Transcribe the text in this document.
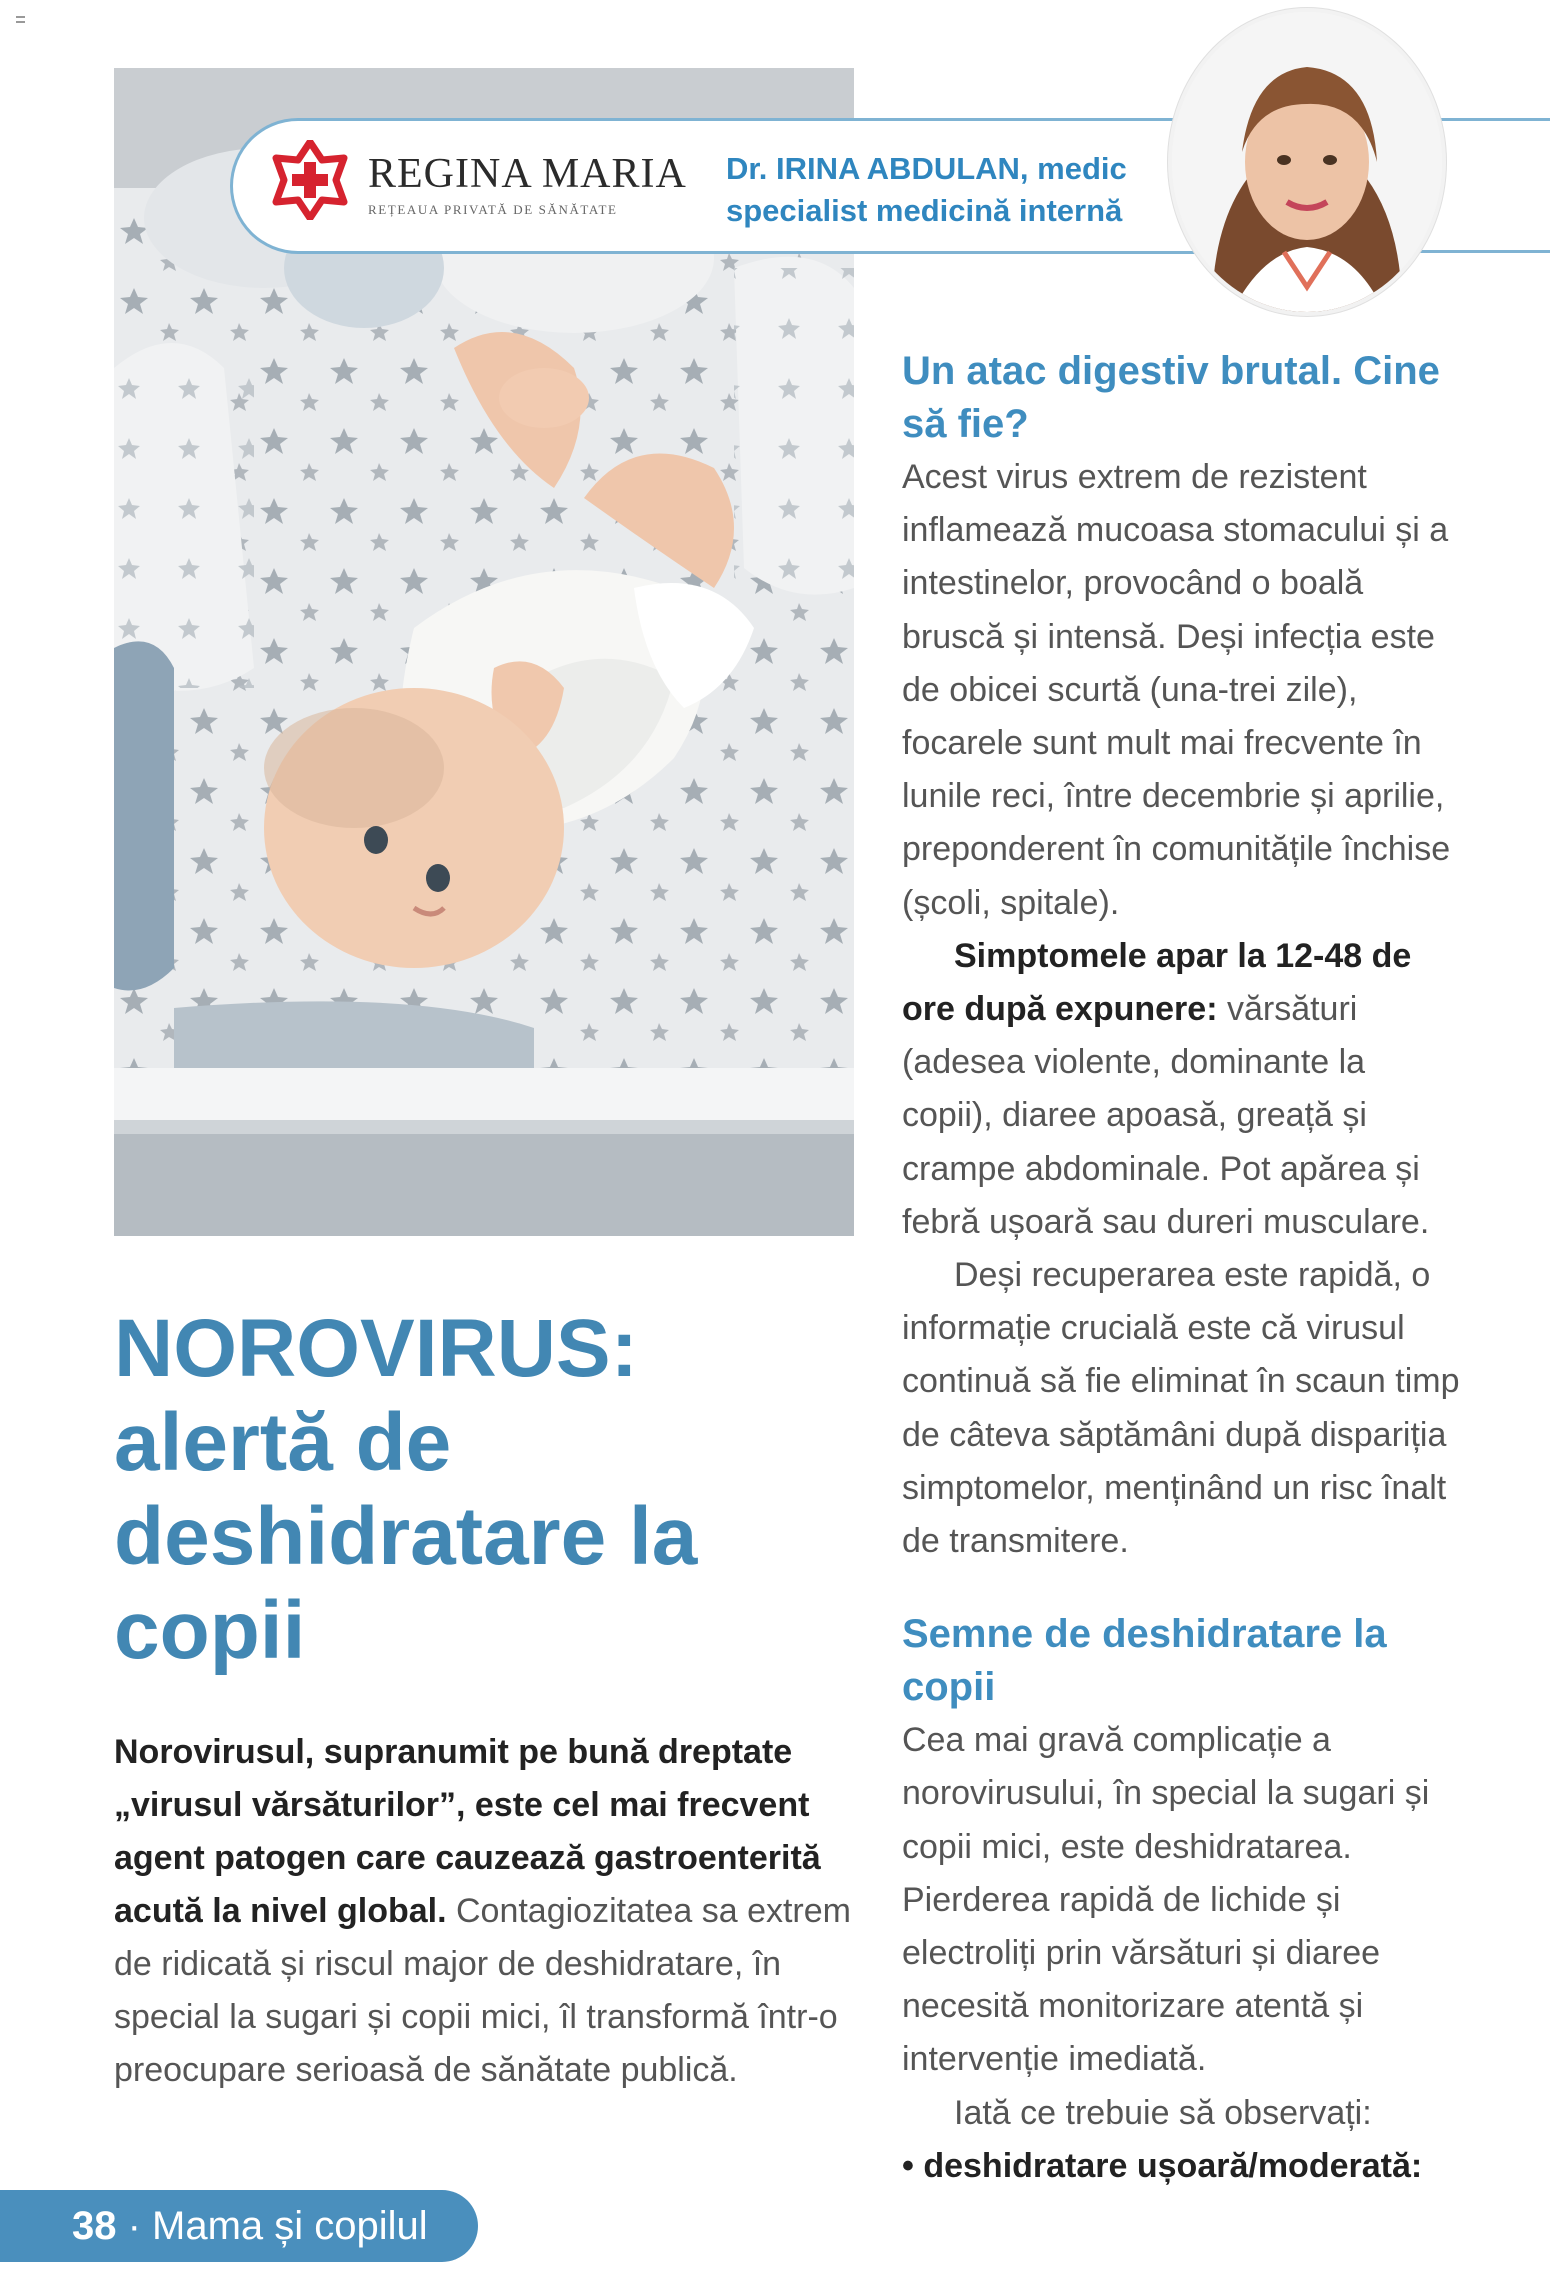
REGINA MARIA
REȚEAUA PRIVATĂ DE SĂNĂTATE
Dr. IRINA ABDULAN, medic
specialist medicină internă
NOROVIRUS: alertă de deshidratare la copii
Norovirusul, supranumit pe bună dreptate „virusul vărsăturilor”, este cel mai frecvent agent patogen care cauzează gastroenterită acută la nivel global. Contagiozitatea sa extrem de ridicată și riscul major de deshidratare, în special la sugari și copii mici, îl transformă într-o preocupare serioasă de sănătate publică.
Un atac digestiv brutal. Cine să fie?

Acest virus extrem de rezistent inflamează mucoasa stomacului și a intestinelor, provocând o boală bruscă și intensă. Deși infecția este de obicei scurtă (una-trei zile), focarele sunt mult mai frecvente în lunile reci, între decembrie și aprilie, preponderent în comunitățile închise (școli, spitale).

Simptomele apar la 12-48 de ore după expunere: vărsături (adesea violente, dominante la copii), diaree apoasă, greață și crampe abdominale. Pot apărea și febră ușoară sau dureri musculare.

Deși recuperarea este rapidă, o informație crucială este că virusul continuă să fie eliminat în scaun timp de câteva săptămâni după dispariția simptomelor, menținând un risc înalt de transmitere.

Semne de deshidratare la copii

Cea mai gravă complicație a norovirusului, în special la sugari și copii mici, este deshidratarea. Pierderea rapidă de lichide și electroliți prin vărsături și diaree necesită monitorizare atentă și intervenție imediată.

Iată ce trebuie să observați:

• deshidratare ușoară/moderată:

38 · Mama și copilul
